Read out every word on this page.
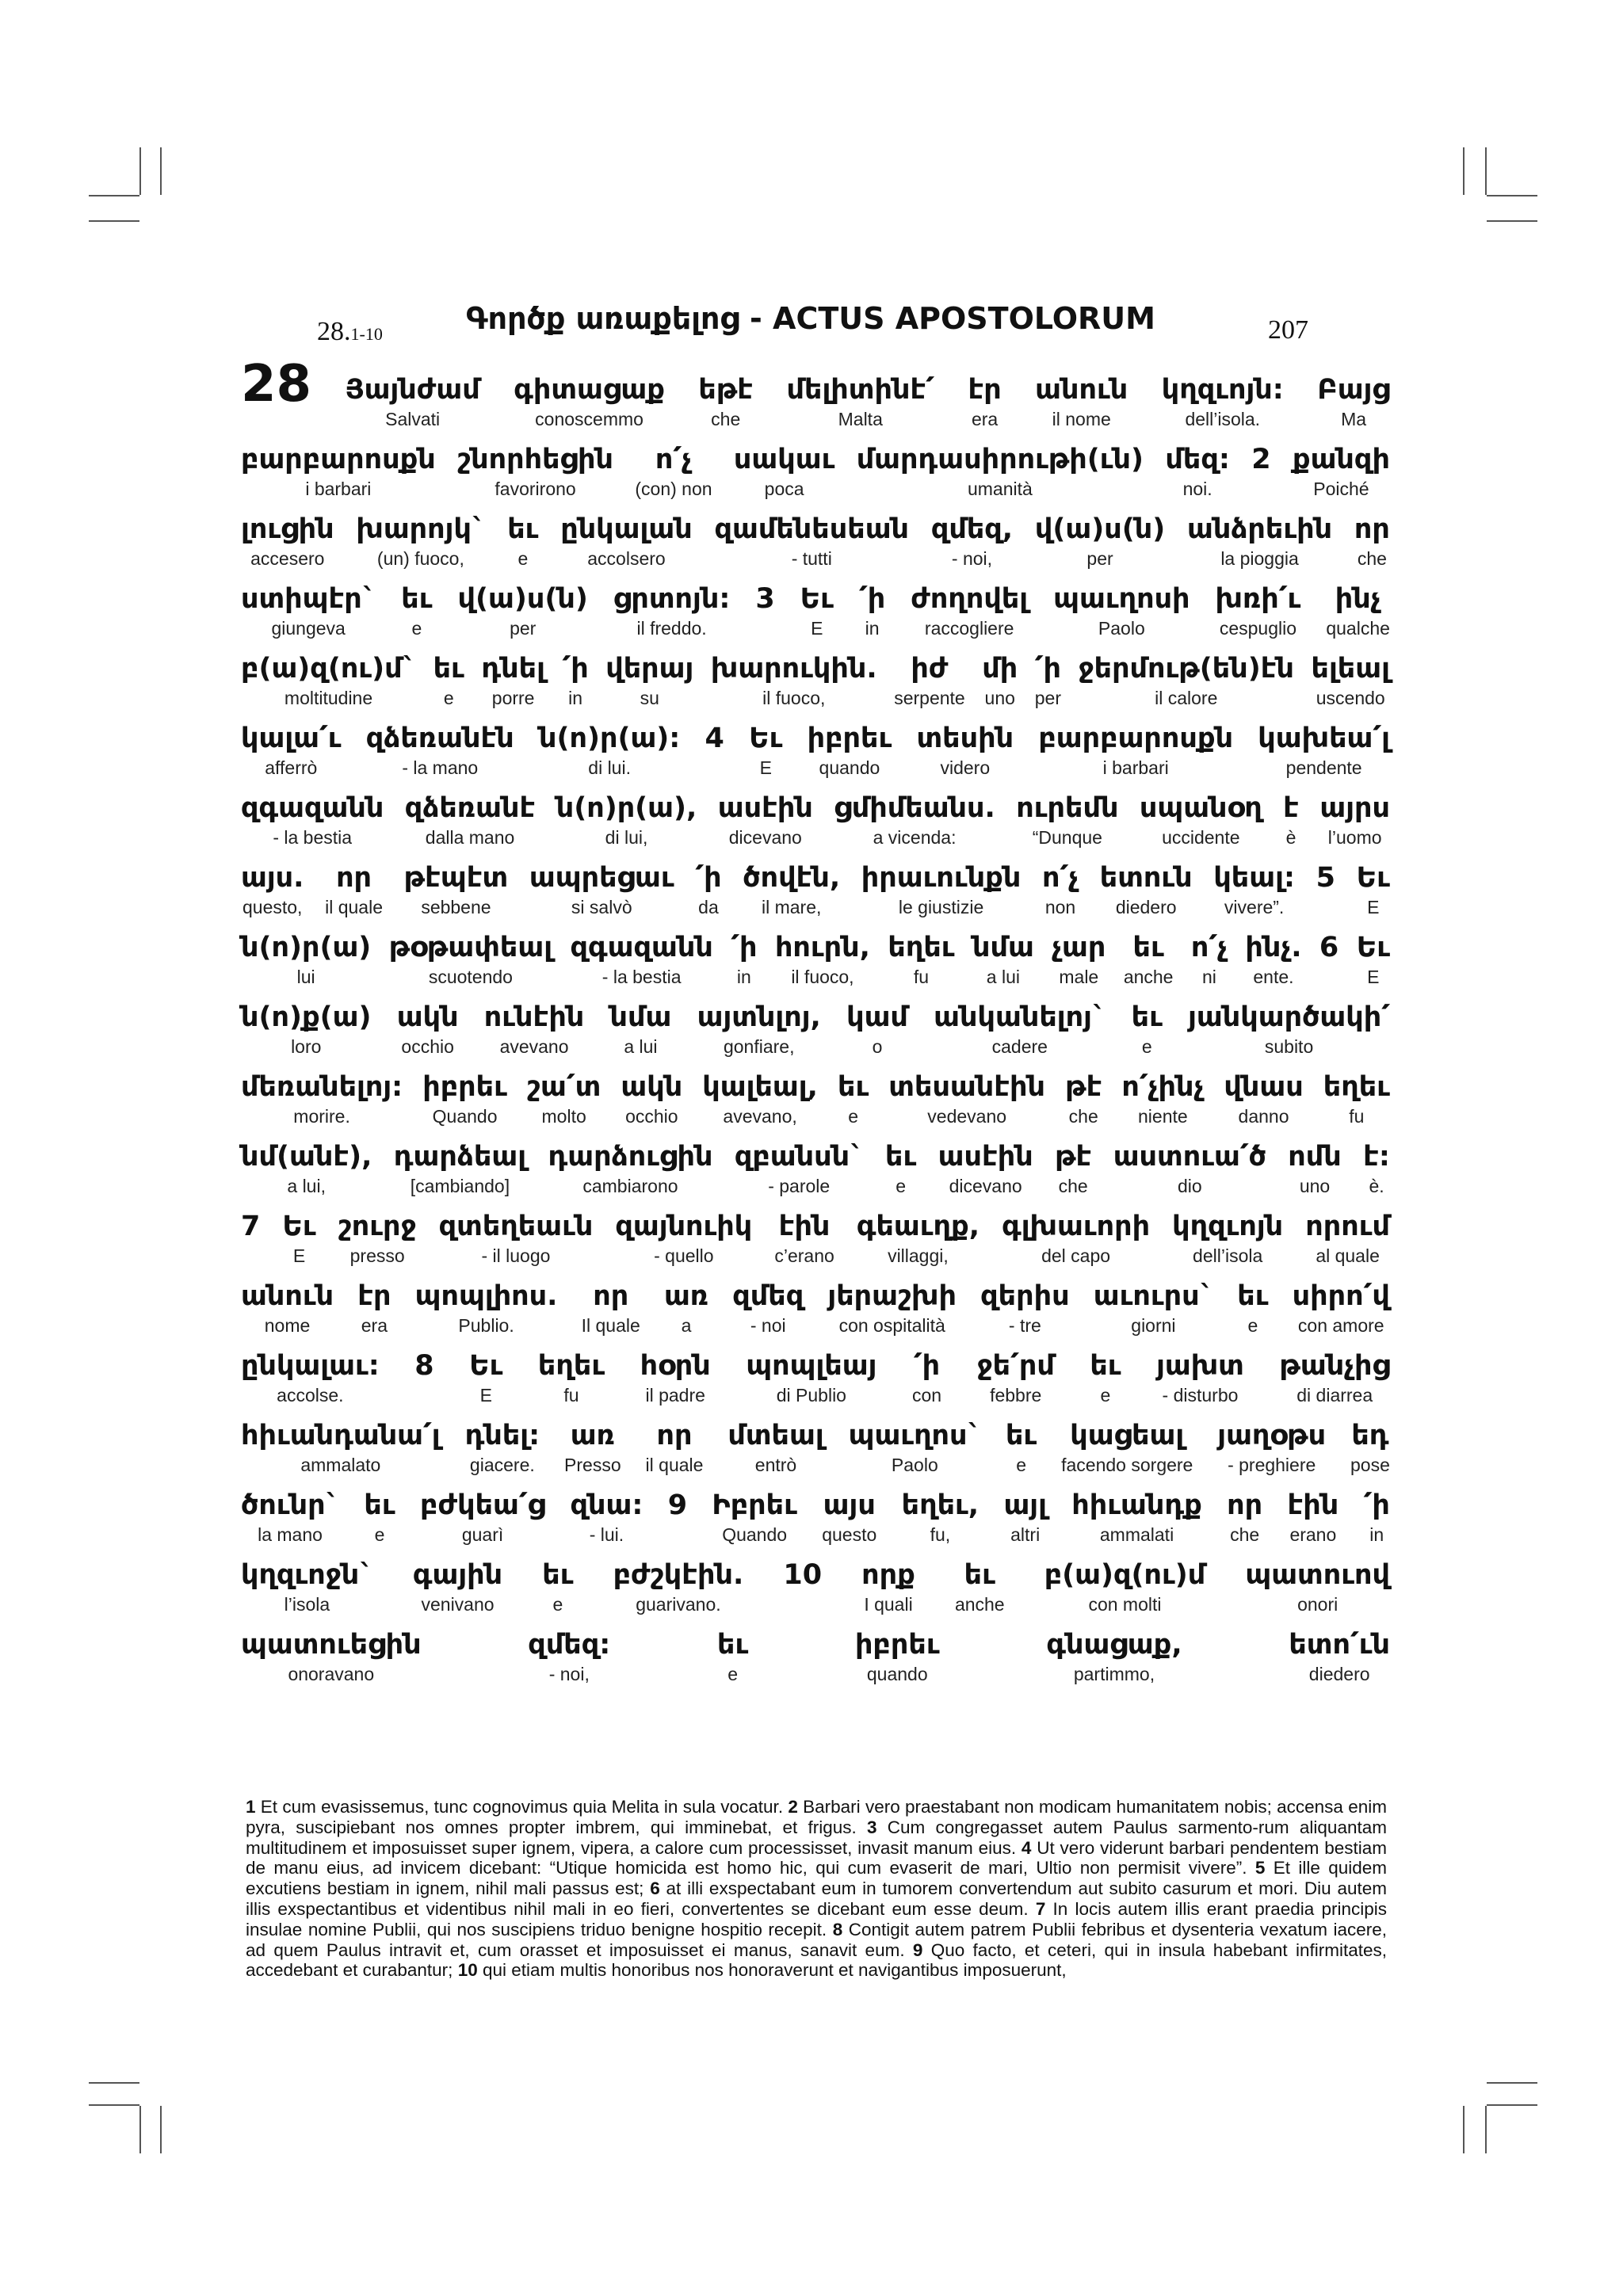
28.1-10	Գործք առաքելոց - ACTUS APOSTOLORUM	207
28
Յայնժամ
Salvati
գիտացաք
conoscemmo
եթէ
che
մելիտինէ՛
Malta
էր
era
անուն
il nome
կղզւոյն:
dell’isola.
Բայց
Ma
բարբարոսքն
i barbari
շնորհեցին
favorirono
ո՛չ
(con) non
սակաւ
poca
մարդասիրութի(ւն)
umanità
մեզ:
noi.
2
քանզի
Poiché
լուցին
accesero
խարոյկ`
(un) fuoco,
եւ
e
ընկալան
accolsero
զամենեսեան
- tutti
զմեզ,
- noi,
վ(ա)ս(ն)
per
անձրեւին
la pioggia
որ
che
ստիպէր`
giungeva
եւ
e
վ(ա)ս(ն)
per
ցրտոյն:
il freddo.
3
Եւ
E
՛ի
in
ժողովել
raccogliere
պաւղոսի
Paolo
խռի՛ւ
cespuglio
ինչ
qualche
բ(ա)զ(ու)մ`
moltitudine
եւ
e
դնել
porre
՛ի
in
վերայ
su
խարուկին.
il fuoco,
իժ
serpente
մի
uno
՛ի
per
ջերմութ(են)էն
il calore
ելեալ
uscendo
կալա՛ւ
afferrò
զձեռանէն
- la mano
ն(ո)ր(ա):
di lui.
4
Եւ
E
իբրեւ
quando
տեսին
videro
բարբարոսքն
i barbari
կախեա՛լ
pendente
զգազանն
- la bestia
զձեռանէ
dalla mano
ն(ո)ր(ա),
di lui,
ասէին
dicevano
ցմիմեանս.
a vicenda:
ուրեմն
“Dunque
սպանօղ
uccidente
է
è
այրս
l’uomo
այս.
questo,
որ
il quale
թէպէտ
sebbene
ապրեցաւ
si salvò
՛ի
da
ծովէն,
il mare,
իրաւունքն
le giustizie
ո՛չ
non
ետուն
diedero
կեալ:
vivere”.
5
Եւ
E
ն(ո)ր(ա)
lui
թօթափեալ
scuotendo
զգազանն
- la bestia
՛ի
in
հուրն,
il fuoco,
եղեւ
fu
նմա
a lui
չար
male
եւ
anche
ո՛չ
ni
ինչ.
ente.
6
Եւ
E
ն(ո)ք(ա)
loro
ակն
occhio
ունէին
avevano
նմա
a lui
այտնլոյ,
gonfiare,
կամ
o
անկանելոյ`
cadere
եւ
e
յանկարծակի՛
subito
մեռանելոյ:
morire.
իբրեւ
Quando
շա՛տ
molto
ակն
occhio
կալեալ,
avevano,
եւ
e
տեսանէին
vedevano
թէ
che
ո՛չինչ
niente
վնաս
danno
եղեւ
fu
նմ(անէ),
a lui,
դարձեալ
[cambiando]
դարձուցին
cambiarono
զբանսն`
- parole
եւ
e
ասէին
dicevano
թէ
che
աստուա՛ծ
dio
ոմն
uno
է:
è.
7
Եւ
E
շուրջ
presso
զտեղեաւն
- il luogo
զայնուիկ
- quello
էին
c’erano
գեաւղք,
villaggi,
գլխաւորի
del capo
կղզւոյն
dell’isola
որում
al quale
անուն
nome
էր
era
պոպլիոս.
Publio.
որ
Il quale
առ
a
զմեզ
- noi
յերաշխի
con ospitalità
զերիս
- tre
աւուրս`
giorni
եւ
e
սիրո՛վ
con amore
ընկալաւ:
accolse.
8
Եւ
E
եղեւ
fu
հօրն
il padre
պոպլեայ
di Publio
՛ի
con
ջե՛րմ
febbre
եւ
e
յախտ
- disturbo
թանչից
di diarrea
հիւանդանա՛լ
ammalato
դնել:
giacere.
առ
Presso
որ
il quale
մտեալ
entrò
պաւղոս`
Paolo
եւ
e
կացեալ
facendo sorgere
յաղօթս
- preghiere
եդ
pose
ծունր`
la mano
եւ
e
բժկեա՛ց
guarì
զնա:
- lui.
9
Իբրեւ
Quando
այս
questo
եղեւ,
fu,
այլ
altri
հիւանդք
ammalati
որ
che
էին
erano
՛ի
in
կղզւոջն`
l’isola
գային
venivano
եւ
e
բժշկէին.
guarivano.
10
որք
I quali
եւ
anche
բ(ա)զ(ու)մ
con molti
պատուով
onori
պատուեցին
onoravano
զմեզ:
- noi,
եւ
e
իբրեւ
quando
գնացաք,
partimmo,
ետո՛ւն
diedero
1 Et cum evasissemus, tunc cognovimus quia Melita in sula vocatur. 2 Barbari vero praestabant non modicam humanitatem nobis; accensa enim pyra, suscipiebant nos omnes propter imbrem, qui imminebat, et frigus. 3 Cum congregasset autem Paulus sarmento-rum aliquantam multitudinem et imposuisset super ignem, vipera, a calore cum processisset, invasit manum eius. 4 Ut vero viderunt barbari pendentem bestiam de manu eius, ad invicem dicebant: “Utique homicida est homo hic, qui cum evaserit de mari, Ultio non permisit vivere”. 5 Et ille quidem excutiens bestiam in ignem, nihil mali passus est; 6 at illi exspectabant eum in tumorem convertendum aut subito casurum et mori. Diu autem illis exspectantibus et videntibus nihil mali in eo fieri, convertentes se dicebant eum esse deum. 7 In locis autem illis erant praedia principis insulae nomine Publii, qui nos suscipiens triduo benigne hospitio recepit. 8 Contigit autem patrem Publii febribus et dysenteria vexatum iacere, ad quem Paulus intravit et, cum orasset et imposuisset ei manus, sanavit eum. 9 Quo facto, et ceteri, qui in insula habebant infirmitates, accedebant et curabantur; 10 qui etiam multis honoribus nos honoraverunt et navigantibus imposuerunt,
